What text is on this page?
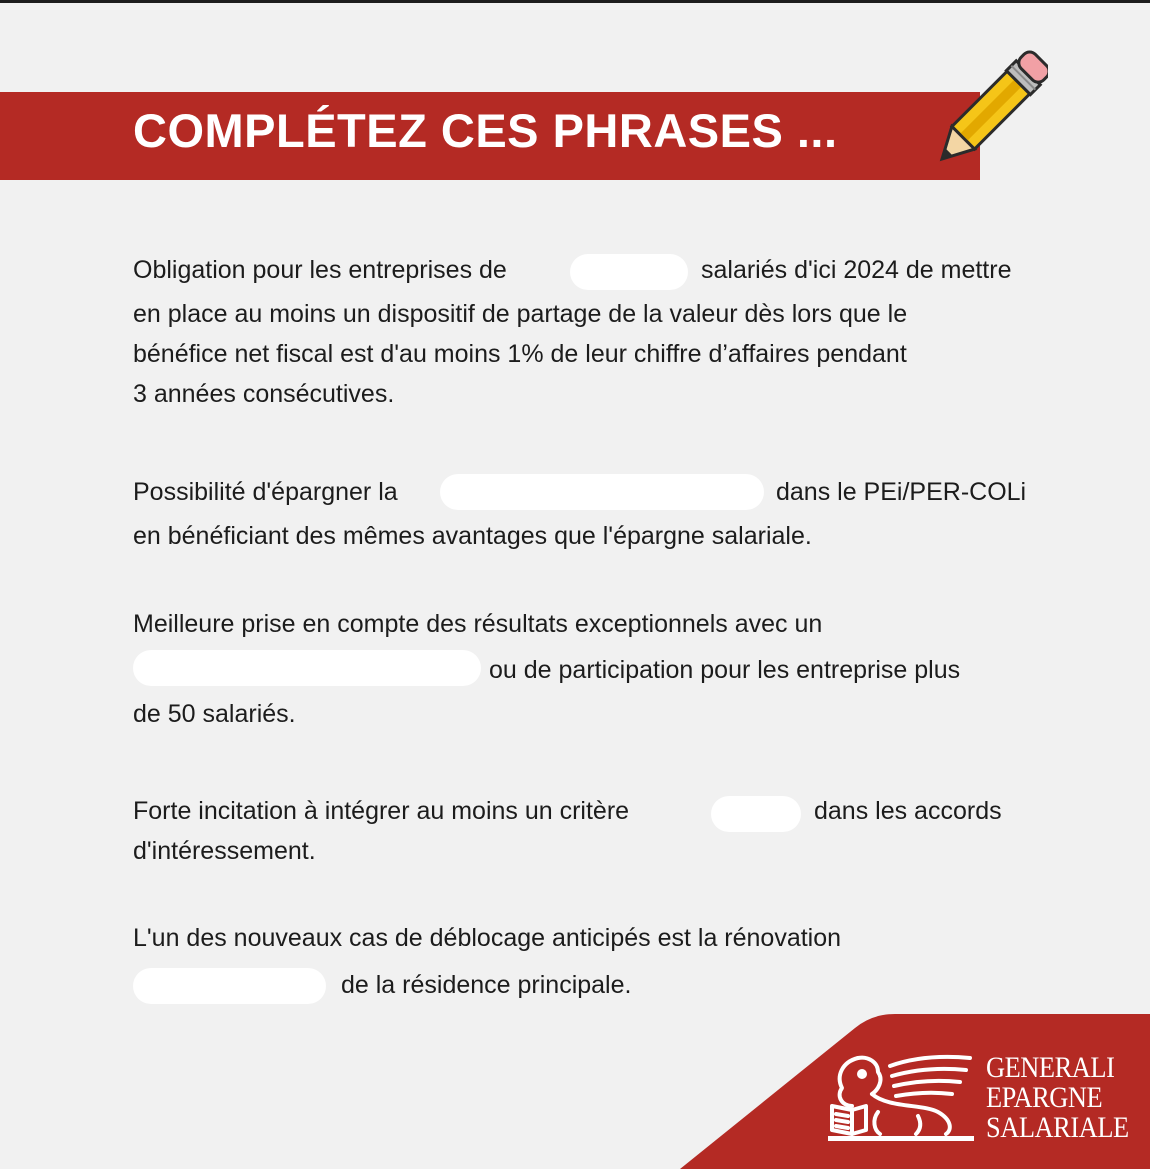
COMPLÉTEZ CES PHRASES ...
Obligation pour les entreprises de	salariés d'ici 2024 de mettre
en place au moins un dispositif de partage de la valeur dès lors que le
bénéfice net fiscal est d'au moins 1% de leur chiffre d’affaires pendant
3 années consécutives.
Possibilité d'épargner la	dans le PEi/PER-COLi
en bénéficiant des mêmes avantages que l'épargne salariale.
Meilleure prise en compte des résultats exceptionnels avec un
ou de participation pour les entreprise plus
de 50 salariés.
Forte incitation à intégrer au moins un critère	dans les accords
d'intéressement.
L'un des nouveaux cas de déblocage anticipés est la rénovation
de la résidence principale.
GENERALI
EPARGNE
SALARIALE
